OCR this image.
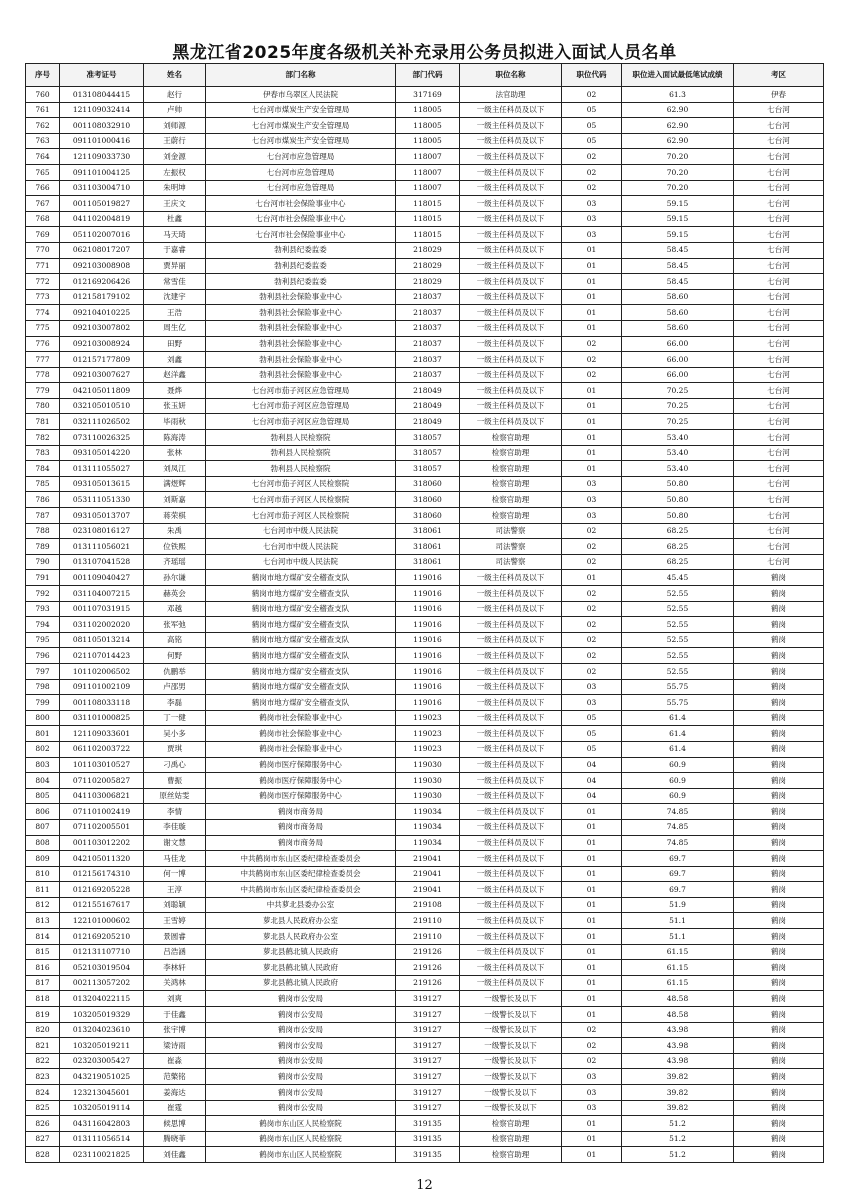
黑龙江省2025年度各级机关补充录用公务员拟进入面试人员名单
序号	准考证号	姓名	部门名称	部门代码	职位名称	职位代码	职位进入面试最低笔试成绩	考区
760	013108044415	赵行	伊春市乌翠区人民法院	317169	法官助理	02	61.3	伊春
761	121109032414	卢帅	七台河市煤炭生产安全管理局	118005	一级主任科员及以下	05	62.90	七台河
762	001108032910	刘师源	七台河市煤炭生产安全管理局	118005	一级主任科员及以下	05	62.90	七台河
763	091101000416	王蔚行	七台河市煤炭生产安全管理局	118005	一级主任科员及以下	05	62.90	七台河
764	121109033730	刘金源	七台河市应急管理局	118007	一级主任科员及以下	02	70.20	七台河
765	091101004125	左振权	七台河市应急管理局	118007	一级主任科员及以下	02	70.20	七台河
766	031103004710	朱明坤	七台河市应急管理局	118007	一级主任科员及以下	02	70.20	七台河
767	001105019827	王庆文	七台河市社会保险事业中心	118015	一级主任科员及以下	03	59.15	七台河
768	041102004819	杜鑫	七台河市社会保险事业中心	118015	一级主任科员及以下	03	59.15	七台河
769	051102007016	马天琦	七台河市社会保险事业中心	118015	一级主任科员及以下	03	59.15	七台河
770	062108017207	于嘉睿	勃利县纪委监委	218029	一级主任科员及以下	01	58.45	七台河
771	092103008908	贾异丽	勃利县纪委监委	218029	一级主任科员及以下	01	58.45	七台河
772	012169206426	常雪佳	勃利县纪委监委	218029	一级主任科员及以下	01	58.45	七台河
773	012158179102	沈建宇	勃利县社会保险事业中心	218037	一级主任科员及以下	01	58.60	七台河
774	092104010225	王浩	勃利县社会保险事业中心	218037	一级主任科员及以下	01	58.60	七台河
775	092103007802	周生亿	勃利县社会保险事业中心	218037	一级主任科员及以下	01	58.60	七台河
776	092103008924	田野	勃利县社会保险事业中心	218037	一级主任科员及以下	02	66.00	七台河
777	012157177809	刘鑫	勃利县社会保险事业中心	218037	一级主任科员及以下	02	66.00	七台河
778	092103007627	赵洋鑫	勃利县社会保险事业中心	218037	一级主任科员及以下	02	66.00	七台河
779	042105011809	聂烨	七台河市茄子河区应急管理局	218049	一级主任科员及以下	01	70.25	七台河
780	032105010510	张玉妍	七台河市茄子河区应急管理局	218049	一级主任科员及以下	01	70.25	七台河
781	032111026502	毕雨秋	七台河市茄子河区应急管理局	218049	一级主任科员及以下	01	70.25	七台河
782	073110026325	陈海涛	勃利县人民检察院	318057	检察官助理	01	53.40	七台河
783	093105014220	张林	勃利县人民检察院	318057	检察官助理	01	53.40	七台河
784	013111055027	刘凤江	勃利县人民检察院	318057	检察官助理	01	53.40	七台河
785	093105013615	满煜辉	七台河市茄子河区人民检察院	318060	检察官助理	03	50.80	七台河
786	053111051330	刘斯嘉	七台河市茄子河区人民检察院	318060	检察官助理	03	50.80	七台河
787	093105013707	蒋荣棋	七台河市茄子河区人民检察院	318060	检察官助理	03	50.80	七台河
788	023108016127	朱禹	七台河市中级人民法院	318061	司法警察	02	68.25	七台河
789	013111056021	位铁熙	七台河市中级人民法院	318061	司法警察	02	68.25	七台河
790	013107041528	齐瑶瑶	七台河市中级人民法院	318061	司法警察	02	68.25	七台河
791	001109040427	孙尔谦	鹤岗市地方煤矿安全稽查支队	119016	一级主任科员及以下	01	45.45	鹤岗
792	031104007215	赫英会	鹤岗市地方煤矿安全稽查支队	119016	一级主任科员及以下	02	52.55	鹤岗
793	001107031915	邓越	鹤岗市地方煤矿安全稽查支队	119016	一级主任科员及以下	02	52.55	鹤岗
794	031102002020	张军弛	鹤岗市地方煤矿安全稽查支队	119016	一级主任科员及以下	02	52.55	鹤岗
795	081105013214	高铭	鹤岗市地方煤矿安全稽查支队	119016	一级主任科员及以下	02	52.55	鹤岗
796	021107014423	何野	鹤岗市地方煤矿安全稽查支队	119016	一级主任科员及以下	02	52.55	鹤岗
797	101102006502	仇鹏举	鹤岗市地方煤矿安全稽查支队	119016	一级主任科员及以下	02	52.55	鹤岗
798	091101002109	卢邵男	鹤岗市地方煤矿安全稽查支队	119016	一级主任科员及以下	03	55.75	鹤岗
799	001108033118	李磊	鹤岗市地方煤矿安全稽查支队	119016	一级主任科员及以下	03	55.75	鹤岗
800	031101000825	丁一健	鹤岗市社会保险事业中心	119023	一级主任科员及以下	05	61.4	鹤岗
801	121109033601	吴小多	鹤岗市社会保险事业中心	119023	一级主任科员及以下	05	61.4	鹤岗
802	061102003722	贾琪	鹤岗市社会保险事业中心	119023	一级主任科员及以下	05	61.4	鹤岗
803	101103010527	刁禹心	鹤岗市医疗保障服务中心	119030	一级主任科员及以下	04	60.9	鹤岗
804	071102005827	曹振	鹤岗市医疗保障服务中心	119030	一级主任科员及以下	04	60.9	鹤岗
805	041103006821	原丝姑雯	鹤岗市医疗保障服务中心	119030	一级主任科员及以下	04	60.9	鹤岗
806	071101002419	李情	鹤岗市商务局	119034	一级主任科员及以下	01	74.85	鹤岗
807	071102005501	李佳璇	鹤岗市商务局	119034	一级主任科员及以下	01	74.85	鹤岗
808	001103012202	谢文慧	鹤岗市商务局	119034	一级主任科员及以下	01	74.85	鹤岗
809	042105011320	马佳龙	中共鹤岗市东山区委纪律检查委员会	219041	一级主任科员及以下	01	69.7	鹤岗
810	012156174310	何一博	中共鹤岗市东山区委纪律检查委员会	219041	一级主任科员及以下	01	69.7	鹤岗
811	012169205228	王淳	中共鹤岗市东山区委纪律检查委员会	219041	一级主任科员及以下	01	69.7	鹤岗
812	012155167617	刘聪颖	中共萝北县委办公室	219108	一级主任科员及以下	01	51.9	鹤岗
813	122101000602	王雪婷	萝北县人民政府办公室	219110	一级主任科员及以下	01	51.1	鹤岗
814	012169205210	景圆睿	萝北县人民政府办公室	219110	一级主任科员及以下	01	51.1	鹤岗
815	012131107710	吕浩涵	萝北县鹤北镇人民政府	219126	一级主任科员及以下	01	61.15	鹤岗
816	052103019504	李林轩	萝北县鹤北镇人民政府	219126	一级主任科员及以下	01	61.15	鹤岗
817	002113057202	关鸿林	萝北县鹤北镇人民政府	219126	一级主任科员及以下	01	61.15	鹤岗
818	013204022115	刘爽	鹤岗市公安局	319127	一级警长及以下	01	48.58	鹤岗
819	103205019329	于佳鑫	鹤岗市公安局	319127	一级警长及以下	01	48.58	鹤岗
820	013204023610	张宇博	鹤岗市公安局	319127	一级警长及以下	02	43.98	鹤岗
821	103205019211	梁诗雨	鹤岗市公安局	319127	一级警长及以下	02	43.98	鹤岗
822	023203005427	崔淼	鹤岗市公安局	319127	一级警长及以下	02	43.98	鹤岗
823	043219051025	范檠铭	鹤岗市公安局	319127	一级警长及以下	03	39.82	鹤岗
824	123213045601	姜海达	鹤岗市公安局	319127	一级警长及以下	03	39.82	鹤岗
825	103205019114	崔霆	鹤岗市公安局	319127	一级警长及以下	03	39.82	鹤岗
826	043116042803	候思博	鹤岗市东山区人民检察院	319135	检察官助理	01	51.2	鹤岗
827	013111056514	腾晓菲	鹤岗市东山区人民检察院	319135	检察官助理	01	51.2	鹤岗
828	023110021825	刘佳鑫	鹤岗市东山区人民检察院	319135	检察官助理	01	51.2	鹤岗
12
